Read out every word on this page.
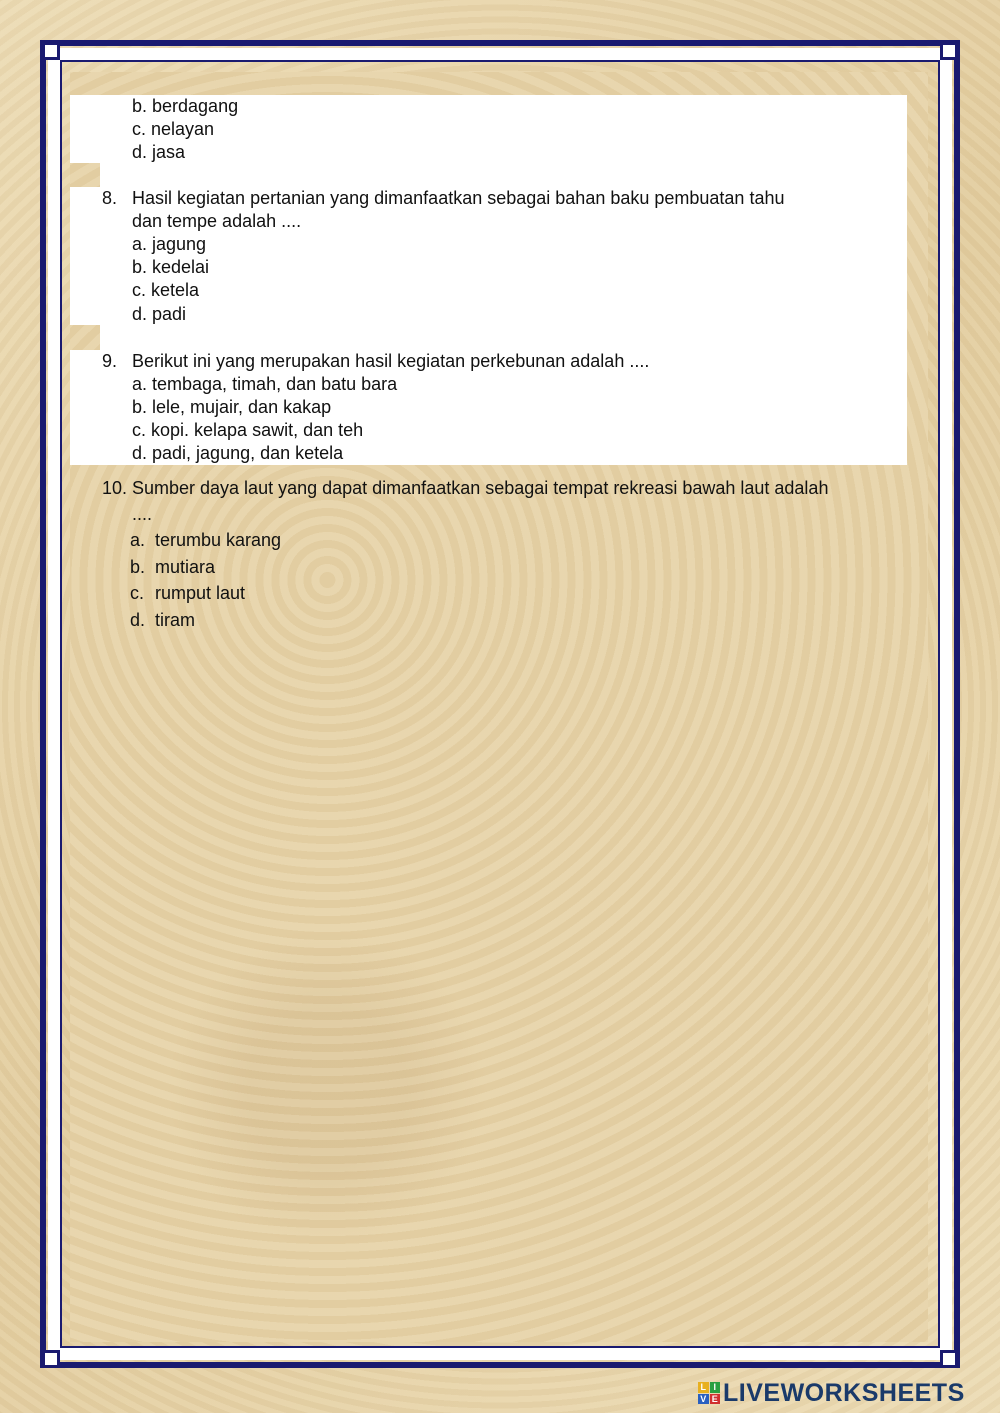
b. berdagang
c. nelayan
d. jasa
8. Hasil kegiatan pertanian yang dimanfaatkan sebagai bahan baku pembuatan tahu
dan tempe adalah ....
a. jagung
b. kedelai
c. ketela
d. padi
9. Berikut ini yang merupakan hasil kegiatan perkebunan adalah ....
a. tembaga, timah, dan batu bara
b. lele, mujair, dan kakap
c. kopi. kelapa sawit, dan teh
d. padi, jagung, dan ketela
10. Sumber daya laut yang dapat dimanfaatkan sebagai tempat rekreasi bawah laut adalah
....
a. terumbu karang
b. mutiara
c. rumput laut
d. tiram
L I
V E LIVEWORKSHEETS
